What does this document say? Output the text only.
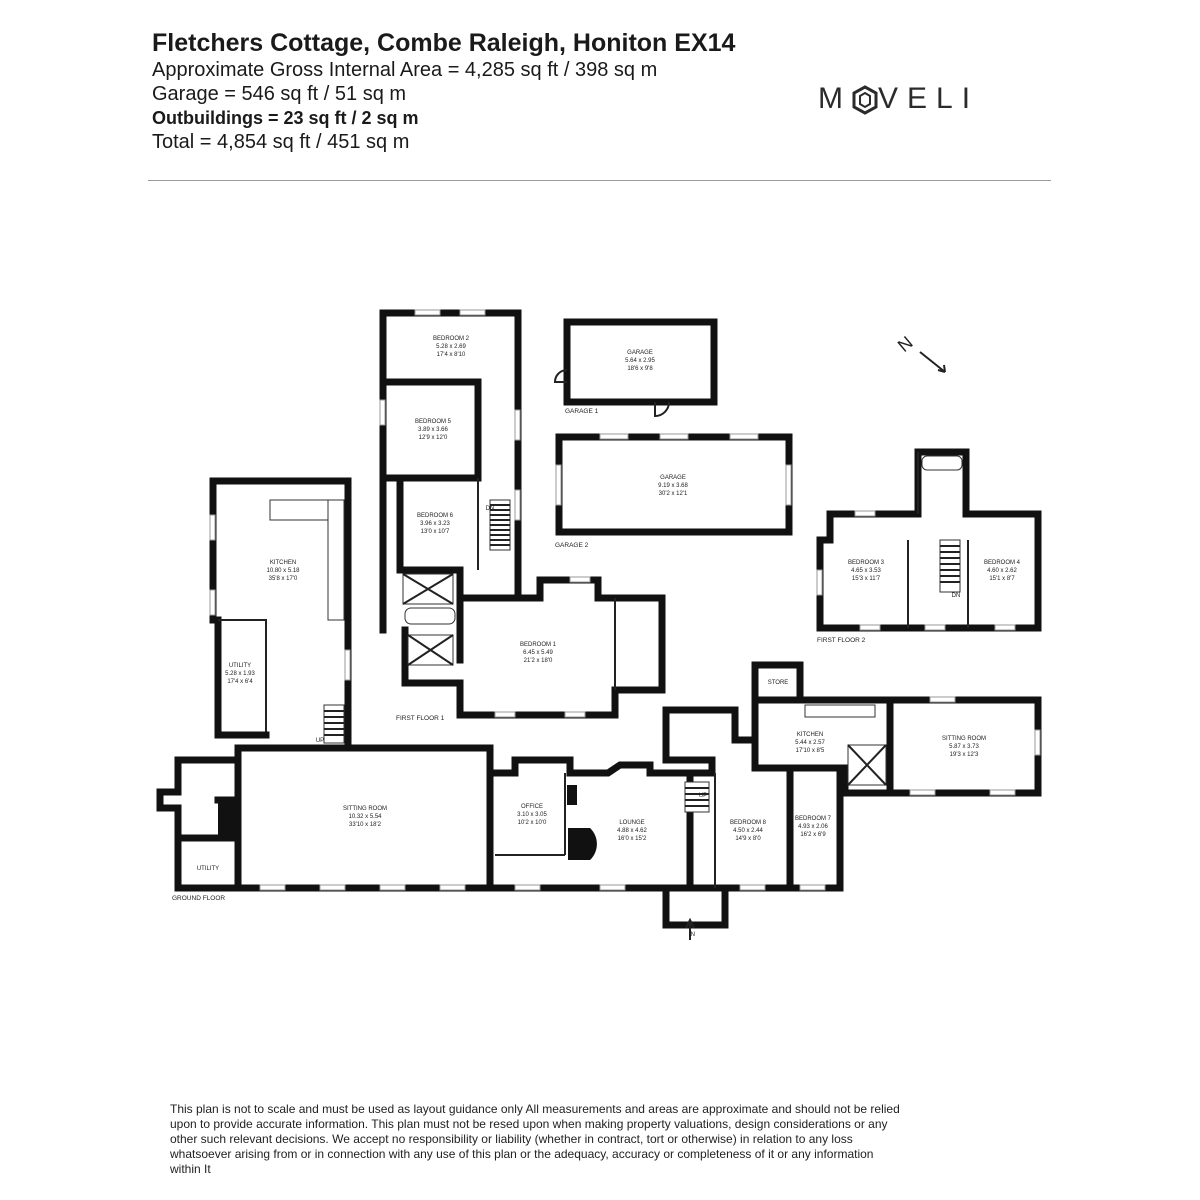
Fletchers Cottage, Combe Raleigh, Honiton EX14
Approximate Gross Internal Area = 4,285 sq ft / 398 sq m
Garage = 546 sq ft / 51 sq m
Outbuildings = 23 sq ft / 2 sq m
Total = 4,854 sq ft / 451 sq m
M VELI
DN
BEDROOM 2
5.28 x 2.69
17'4 x 8'10
BEDROOM 5
3.89 x 3.66
12'9 x 12'0
BEDROOM 6
3.96 x 3.23
13'0 x 10'7
BEDROOM 1
6.45 x 5.49
21'2 x 18'0
FIRST FLOOR 1
GARAGE
5.64 x 2.95
18'6 x 9'8
GARAGE 1
GARAGE
9.19 x 3.68
30'2 x 12'1
GARAGE 2
N
DN
BEDROOM 3
4.65 x 3.53
15'3 x 11'7
BEDROOM 4
4.60 x 2.62
15'1 x 8'7
FIRST FLOOR 2
KITCHEN
10.80 x 5.18
35'8 x 17'0
UTILITY
5.28 x 1.93
17'4 x 6'4
UP
SITTING ROOM
10.32 x 5.54
33'10 x 18'2
UTILITY
OFFICE
3.10 x 3.05
10'2 x 10'0	LOUNGE
4.88 x 4.62
16'0 x 15'2
UP
BEDROOM 8
4.50 x 2.44
14'9 x 8'0
BEDROOM 7
4.93 x 2.06
16'2 x 6'9
KITCHEN
5.44 x 2.57
17'10 x 8'5
SITTING ROOM
5.87 x 3.73
19'3 x 12'3
STORE
IN
GROUND FLOOR
This plan is not to scale and must be used as layout guidance only All measurements and areas are approximate and should not be relied upon to provide accurate information. This plan must not be resed upon when making property valuations, design considerations or any other such relevant decisions. We accept no responsibility or liability (whether in contract, tort or otherwise) in relation to any loss whatsoever arising from or in connection with any use of this plan or the adequacy, accuracy or completeness of it or any information within It
